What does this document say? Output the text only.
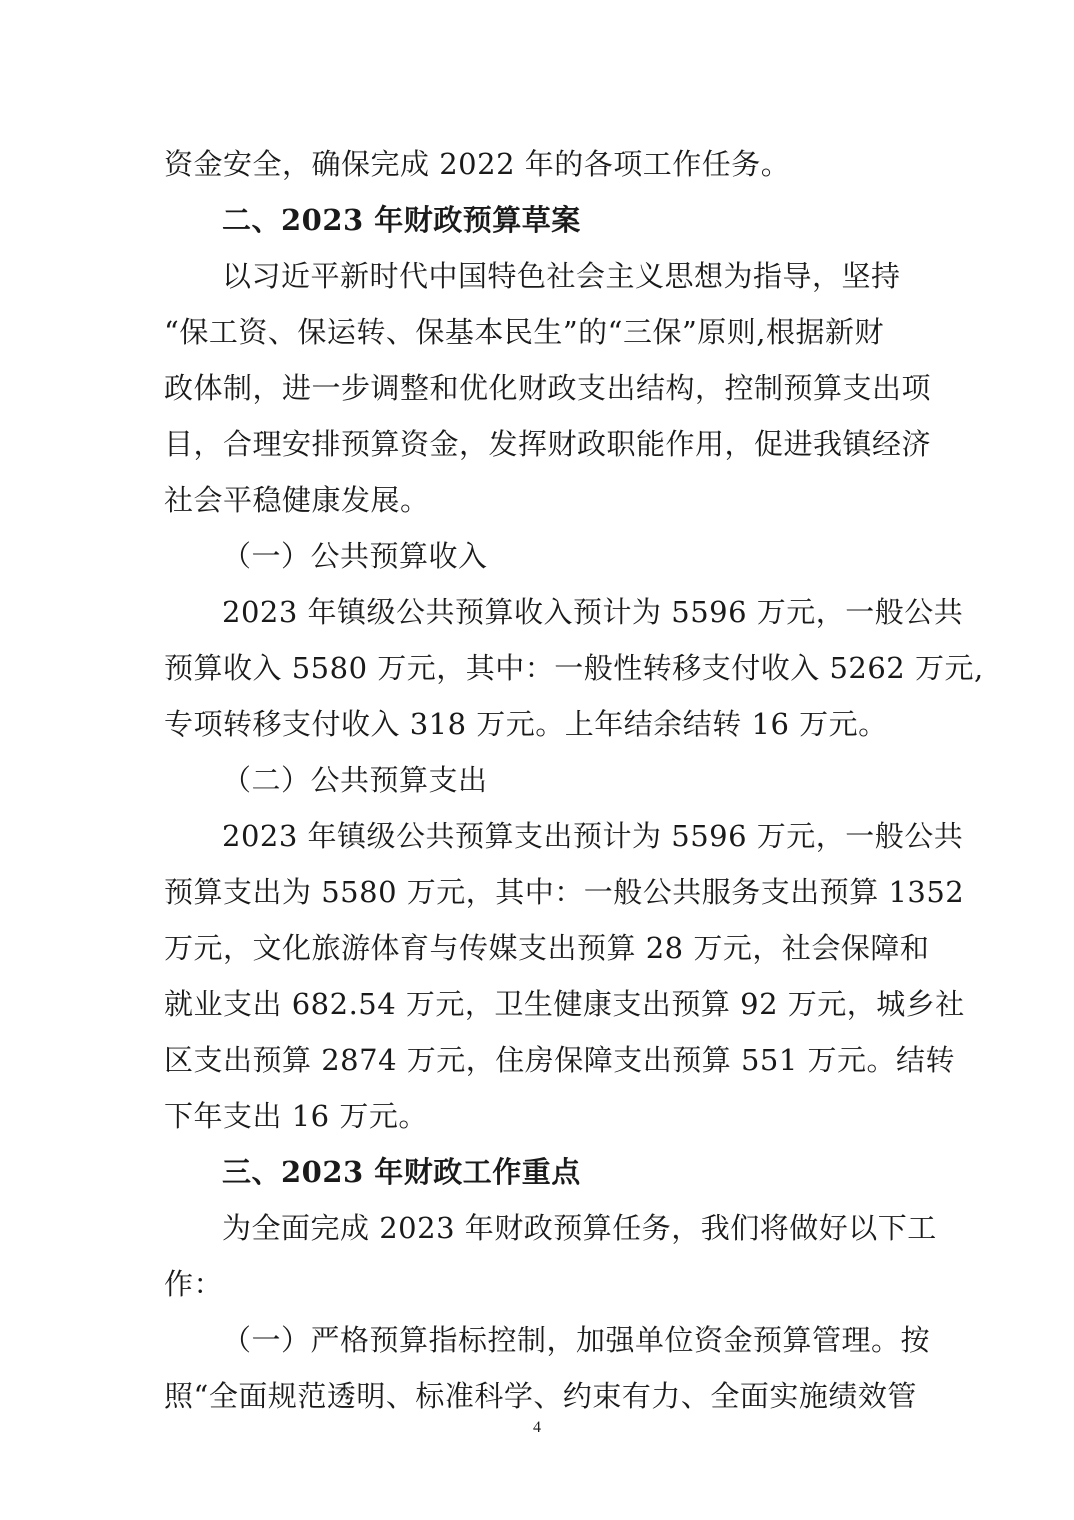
资金安全，确保完成 2022 年的各项工作任务。
二、2023 年财政预算草案
以习近平新时代中国特色社会主义思想为指导，坚持
“保工资、保运转、保基本民生”的“三保”原则,根据新财
政体制，进一步调整和优化财政支出结构，控制预算支出项
目，合理安排预算资金，发挥财政职能作用，促进我镇经济
社会平稳健康发展。
（一）公共预算收入
2023 年镇级公共预算收入预计为 5596 万元，一般公共
预算收入 5580 万元，其中：一般性转移支付收入 5262 万元,
专项转移支付收入 318 万元。上年结余结转 16 万元。
（二）公共预算支出
2023 年镇级公共预算支出预计为 5596 万元，一般公共
预算支出为 5580 万元，其中：一般公共服务支出预算 1352
万元，文化旅游体育与传媒支出预算 28 万元，社会保障和
就业支出 682.54 万元，卫生健康支出预算 92 万元，城乡社
区支出预算 2874 万元，住房保障支出预算 551 万元。结转
下年支出 16 万元。
三、2023 年财政工作重点
为全面完成 2023 年财政预算任务，我们将做好以下工
作：
（一）严格预算指标控制，加强单位资金预算管理。按
照“全面规范透明、标准科学、约束有力、全面实施绩效管
4
